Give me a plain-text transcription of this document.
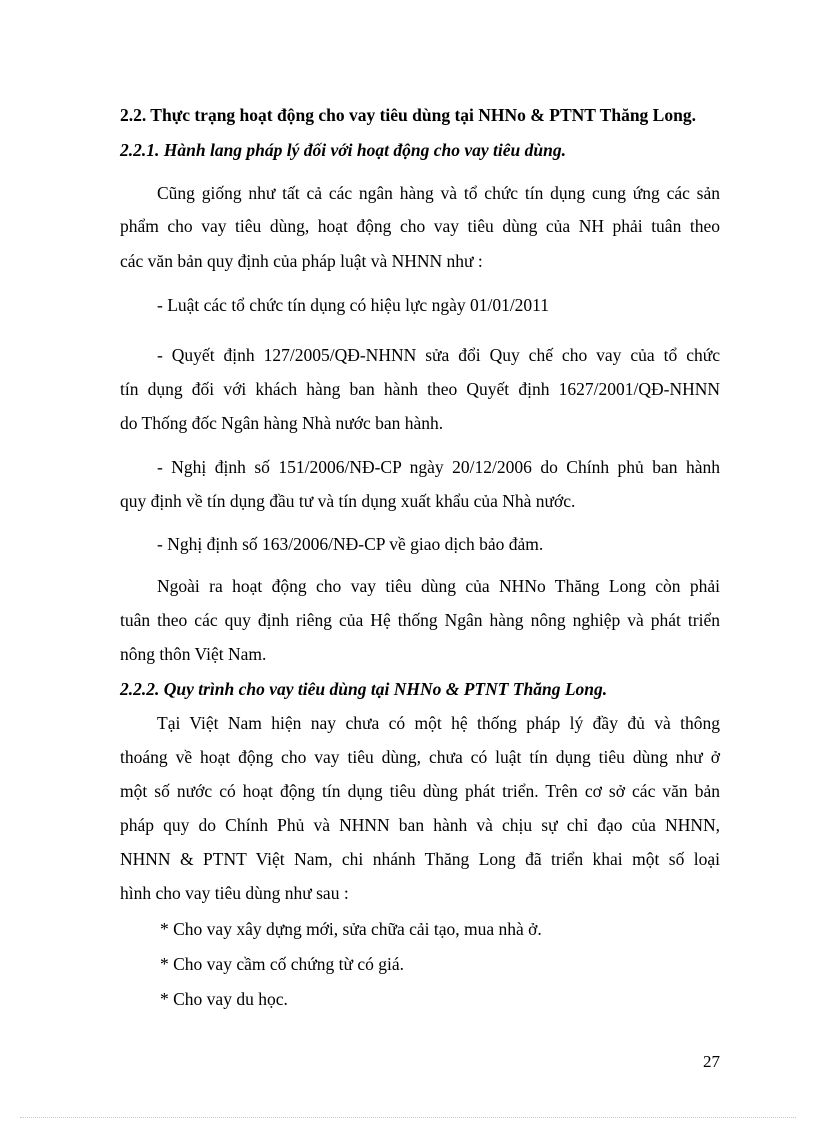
2.2. Thực trạng hoạt động cho vay tiêu dùng tại NHNo & PTNT Thăng Long.
2.2.1. Hành lang pháp lý đối với hoạt động cho vay tiêu dùng.
Cũng giống như tất cả các ngân hàng và tổ chức tín dụng cung ứng các sản
phẩm cho vay tiêu dùng, hoạt động cho vay tiêu dùng của NH phải tuân theo
các văn bản quy định của pháp luật và NHNN như :
- Luật các tổ chức tín dụng có hiệu lực ngày 01/01/2011
- Quyết định 127/2005/QĐ-NHNN sửa đổi Quy chế cho vay của tổ chức
tín dụng đối với khách hàng ban hành theo Quyết định 1627/2001/QĐ-NHNN
do Thống đốc Ngân hàng Nhà nước ban hành.
- Nghị định số 151/2006/NĐ-CP ngày 20/12/2006 do Chính phủ ban hành
quy định về tín dụng đầu tư và tín dụng xuất khẩu của Nhà nước.
- Nghị định số 163/2006/NĐ-CP về giao dịch bảo đảm.
Ngoài ra hoạt động cho vay tiêu dùng của NHNo Thăng Long còn phải
tuân theo các quy định riêng của Hệ thống Ngân hàng nông nghiệp và phát triển
nông thôn Việt Nam.
2.2.2. Quy trình cho vay tiêu dùng tại NHNo & PTNT Thăng Long.
Tại Việt Nam hiện nay chưa có một hệ thống pháp lý đầy đủ và thông
thoáng về hoạt động cho vay tiêu dùng, chưa có luật tín dụng tiêu dùng như ở
một số nước có hoạt động tín dụng tiêu dùng phát triển. Trên cơ sở các văn bản
pháp quy do Chính Phủ và NHNN ban hành và chịu sự chỉ đạo của NHNN,
NHNN & PTNT Việt Nam, chi nhánh Thăng Long đã triển khai một số loại
hình cho vay tiêu dùng như sau :
* Cho vay xây dựng mới, sửa chữa cải tạo, mua nhà ở.
* Cho vay cầm cố chứng từ có giá.
* Cho vay du học.
27
